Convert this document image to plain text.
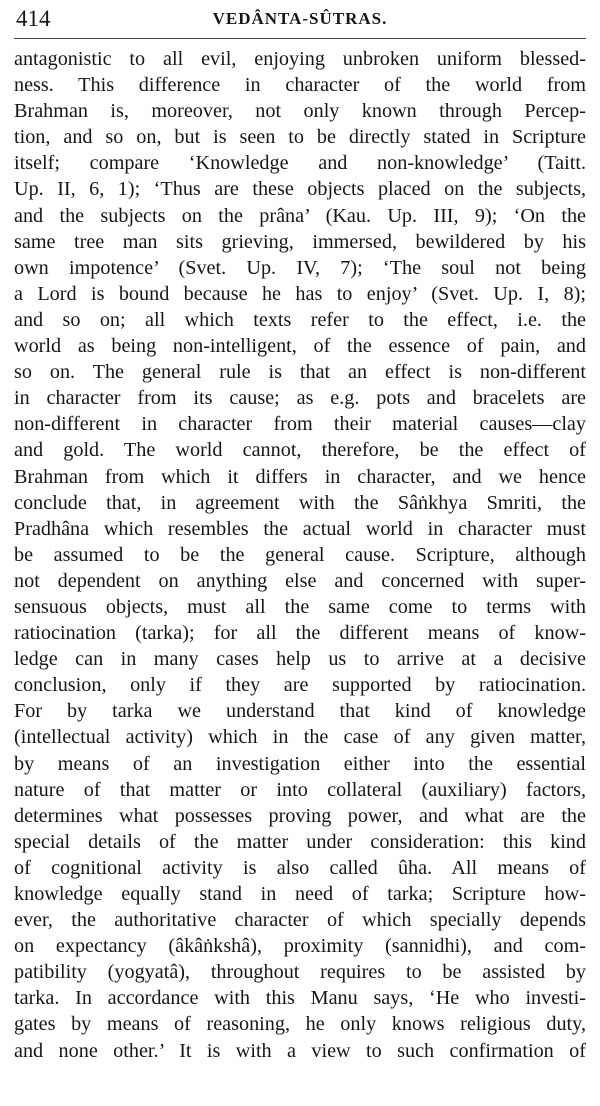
414	VEDÂNTA-SÛTRAS.
antagonistic to all evil, enjoying unbroken uniform blessed-
ness. This difference in character of the world from
Brahman is, moreover, not only known through Percep-
tion, and so on, but is seen to be directly stated in Scripture
itself; compare ‘Knowledge and non-knowledge’ (Taitt.
Up. II, 6, 1); ‘Thus are these objects placed on the subjects,
and the subjects on the prâna’ (Kau. Up. III, 9); ‘On the
same tree man sits grieving, immersed, bewildered by his
own impotence’ (Svet. Up. IV, 7); ‘The soul not being
a Lord is bound because he has to enjoy’ (Svet. Up. I, 8);
and so on; all which texts refer to the effect, i.e. the
world as being non-intelligent, of the essence of pain, and
so on. The general rule is that an effect is non-different
in character from its cause; as e.g. pots and bracelets are
non-different in character from their material causes—clay
and gold. The world cannot, therefore, be the effect of
Brahman from which it differs in character, and we hence
conclude that, in agreement with the Sâṅkhya Smriti, the
Pradhâna which resembles the actual world in character must
be assumed to be the general cause. Scripture, although
not dependent on anything else and concerned with super-
sensuous objects, must all the same come to terms with
ratiocination (tarka); for all the different means of know-
ledge can in many cases help us to arrive at a decisive
conclusion, only if they are supported by ratiocination.
For by tarka we understand that kind of knowledge
(intellectual activity) which in the case of any given matter,
by means of an investigation either into the essential
nature of that matter or into collateral (auxiliary) factors,
determines what possesses proving power, and what are the
special details of the matter under consideration: this kind
of cognitional activity is also called ûha. All means of
knowledge equally stand in need of tarka; Scripture how-
ever, the authoritative character of which specially depends
on expectancy (âkâṅkshâ), proximity (sannidhi), and com-
patibility (yogyatâ), throughout requires to be assisted by
tarka. In accordance with this Manu says, ‘He who investi-
gates by means of reasoning, he only knows religious duty,
and none other.’ It is with a view to such confirmation of
